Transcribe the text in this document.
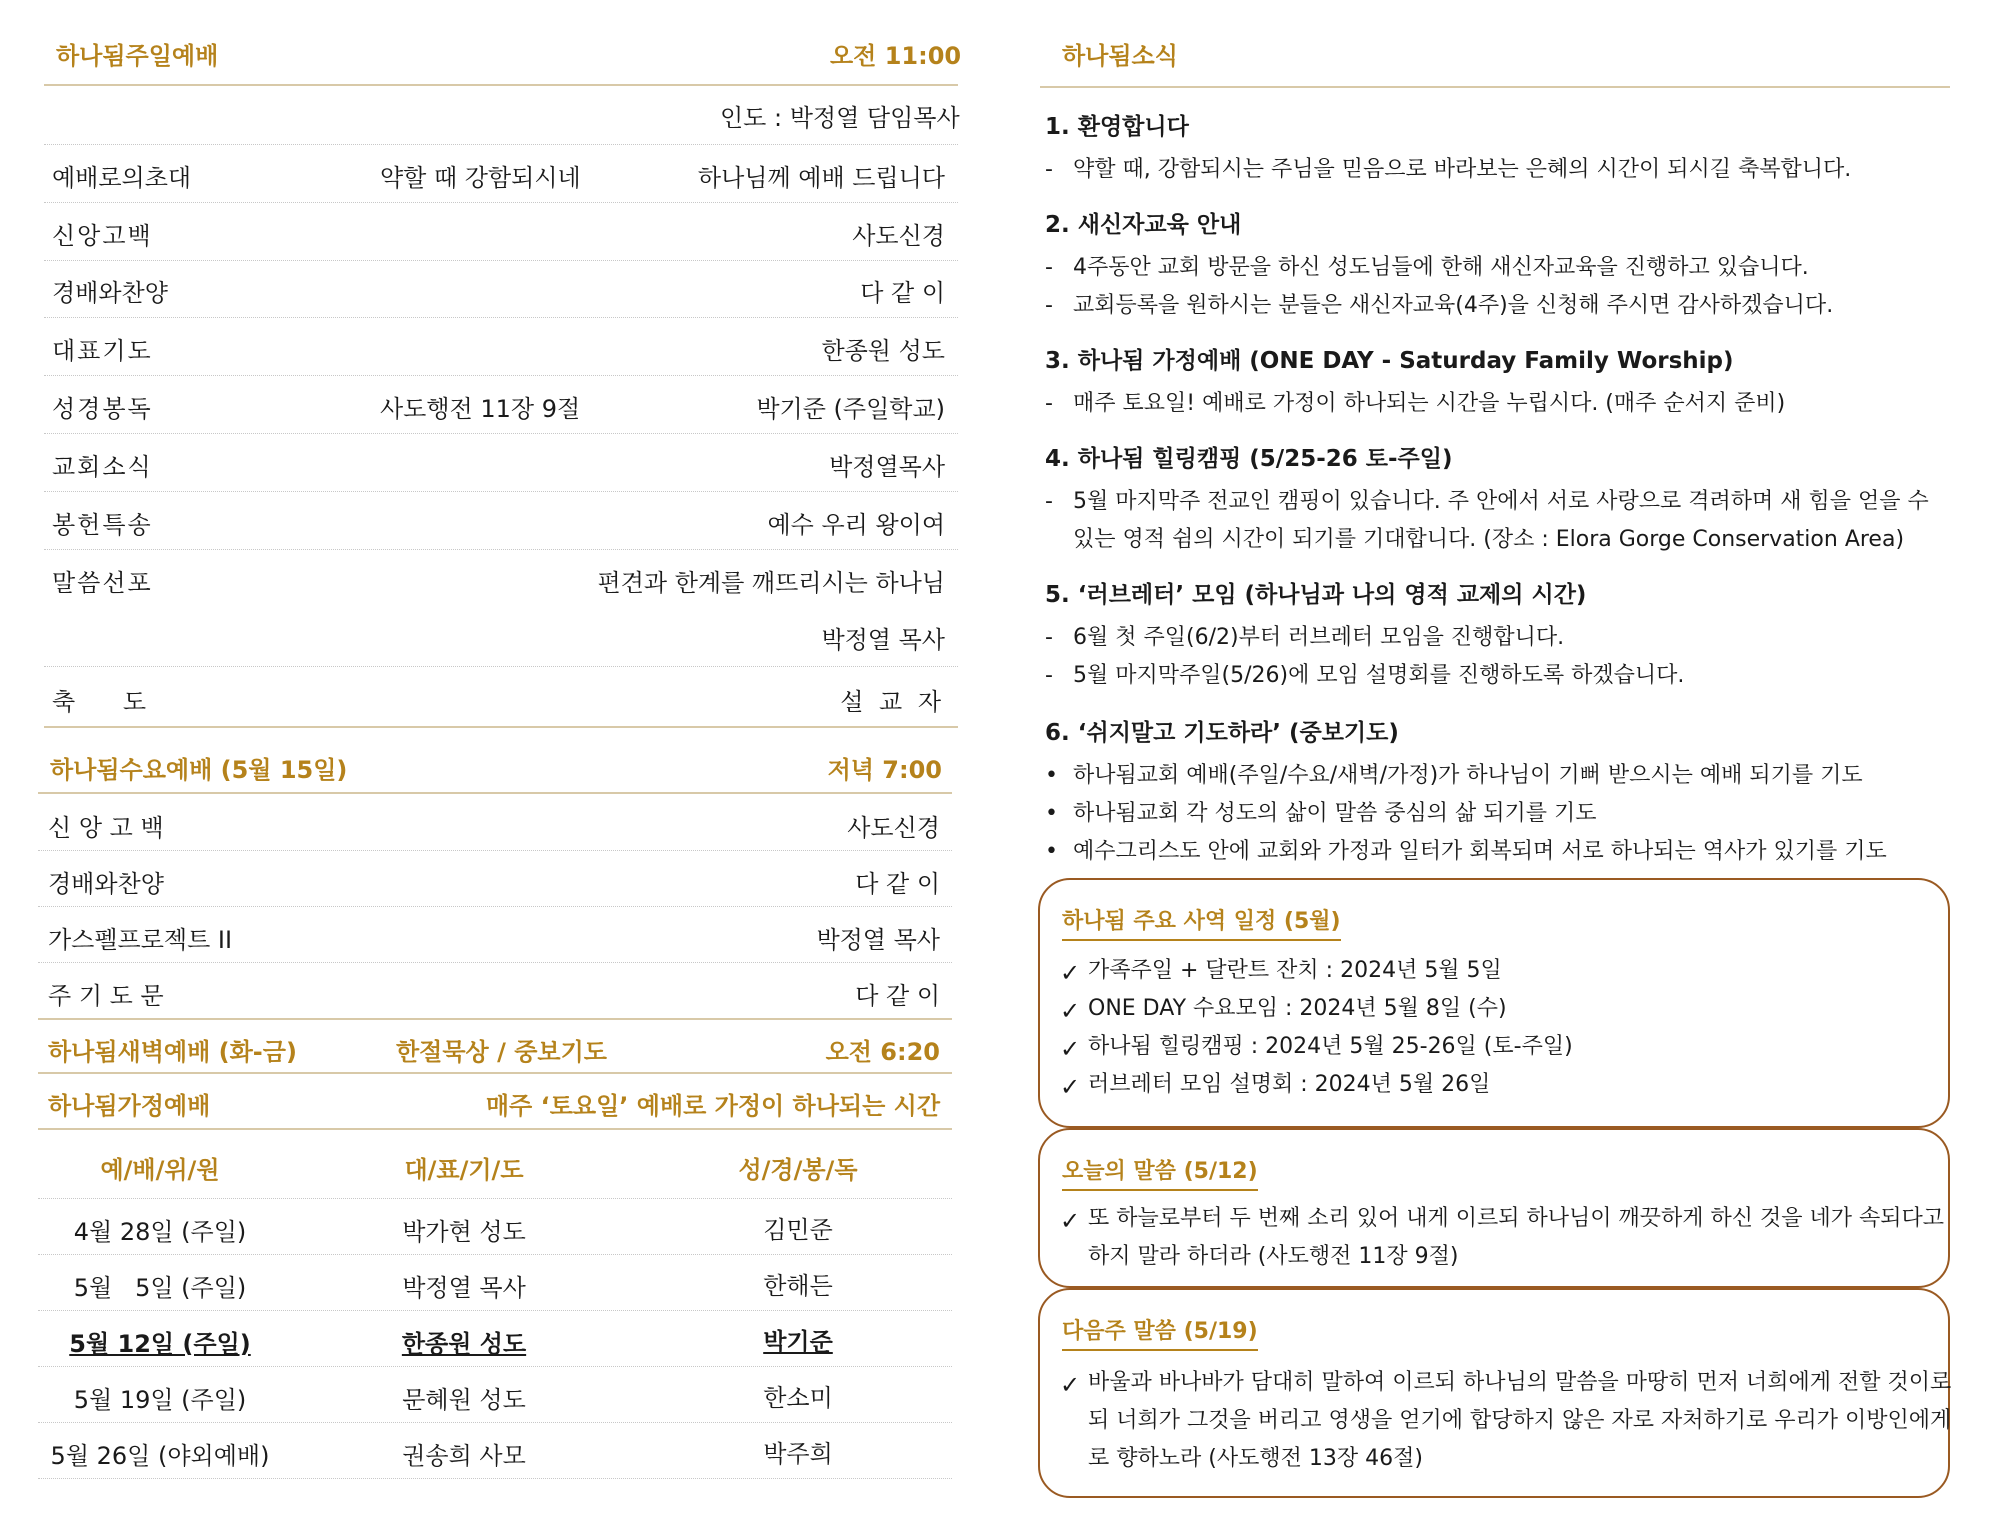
하나됨주일예배	오전 11:00
인도 : 박정열 담임목사
예배로의초대	약할 때 강함되시네	하나님께 예배 드립니다
신앙고백	사도신경
경배와찬양	다 같 이
대표기도	한종원 성도
성경봉독	사도행전 11장 9절	박기준 (주일학교)
교회소식	박정열목사
봉헌특송	예수 우리 왕이여
말씀선포	편견과 한계를 깨뜨리시는 하나님
박정열 목사
축 도	설 교 자
하나됨수요예배 (5월 15일)	저녁 7:00
신 앙 고 백	사도신경
경배와찬양	다 같 이
가스펠프로젝트 II	박정열 목사
주 기 도 문	다 같 이
하나됨새벽예배 (화-금)	한절묵상 / 중보기도	오전 6:20
하나됨가정예배	매주 ‘토요일’ 예배로 가정이 하나되는 시간
예/배/위/원	대/표/기/도	성/경/봉/독
4월 28일 (주일)	박가현 성도	김민준
5월   5일 (주일)	박정열 목사	한해든
5월 12일 (주일)	한종원 성도	박기준
5월 19일 (주일)	문혜원 성도	한소미
5월 26일 (야외예배)	권송희 사모	박주희
하나됨소식
1. 환영합니다
- 약할 때, 강함되시는 주님을 믿음으로 바라보는 은혜의 시간이 되시길 축복합니다.
2. 새신자교육 안내
- 4주동안 교회 방문을 하신 성도님들에 한해 새신자교육을 진행하고 있습니다.
- 교회등록을 원하시는 분들은 새신자교육(4주)을 신청해 주시면 감사하겠습니다.
3. 하나됨 가정예배 (ONE DAY - Saturday Family Worship)
- 매주 토요일! 예배로 가정이 하나되는 시간을 누립시다. (매주 순서지 준비)
4. 하나됨 힐링캠핑 (5/25-26 토-주일)
- 5월 마지막주 전교인 캠핑이 있습니다. 주 안에서 서로 사랑으로 격려하며 새 힘을 얻을 수
있는 영적 쉼의 시간이 되기를 기대합니다. (장소 : Elora Gorge Conservation Area)
5. ‘러브레터’ 모임 (하나님과 나의 영적 교제의 시간)
- 6월 첫 주일(6/2)부터 러브레터 모임을 진행합니다.
- 5월 마지막주일(5/26)에 모임 설명회를 진행하도록 하겠습니다.
6. ‘쉬지말고 기도하라’ (중보기도)
• 하나됨교회 예배(주일/수요/새벽/가정)가 하나님이 기뻐 받으시는 예배 되기를 기도
• 하나됨교회 각 성도의 삶이 말씀 중심의 삶 되기를 기도
• 예수그리스도 안에 교회와 가정과 일터가 회복되며 서로 하나되는 역사가 있기를 기도
하나됨 주요 사역 일정 (5월)
✓ 가족주일 + 달란트 잔치 : 2024년 5월 5일
✓ ONE DAY 수요모임 : 2024년 5월 8일 (수)
✓ 하나됨 힐링캠핑 : 2024년 5월 25-26일 (토-주일)
✓ 러브레터 모임 설명회 : 2024년 5월 26일
오늘의 말씀 (5/12)
✓ 또 하늘로부터 두 번째 소리 있어 내게 이르되 하나님이 깨끗하게 하신 것을 네가 속되다고
하지 말라 하더라 (사도행전 11장 9절)
다음주 말씀 (5/19)
✓ 바울과 바나바가 담대히 말하여 이르되 하나님의 말씀을 마땅히 먼저 너희에게 전할 것이로
되 너희가 그것을 버리고 영생을 얻기에 합당하지 않은 자로 자처하기로 우리가 이방인에게
로 향하노라 (사도행전 13장 46절)
